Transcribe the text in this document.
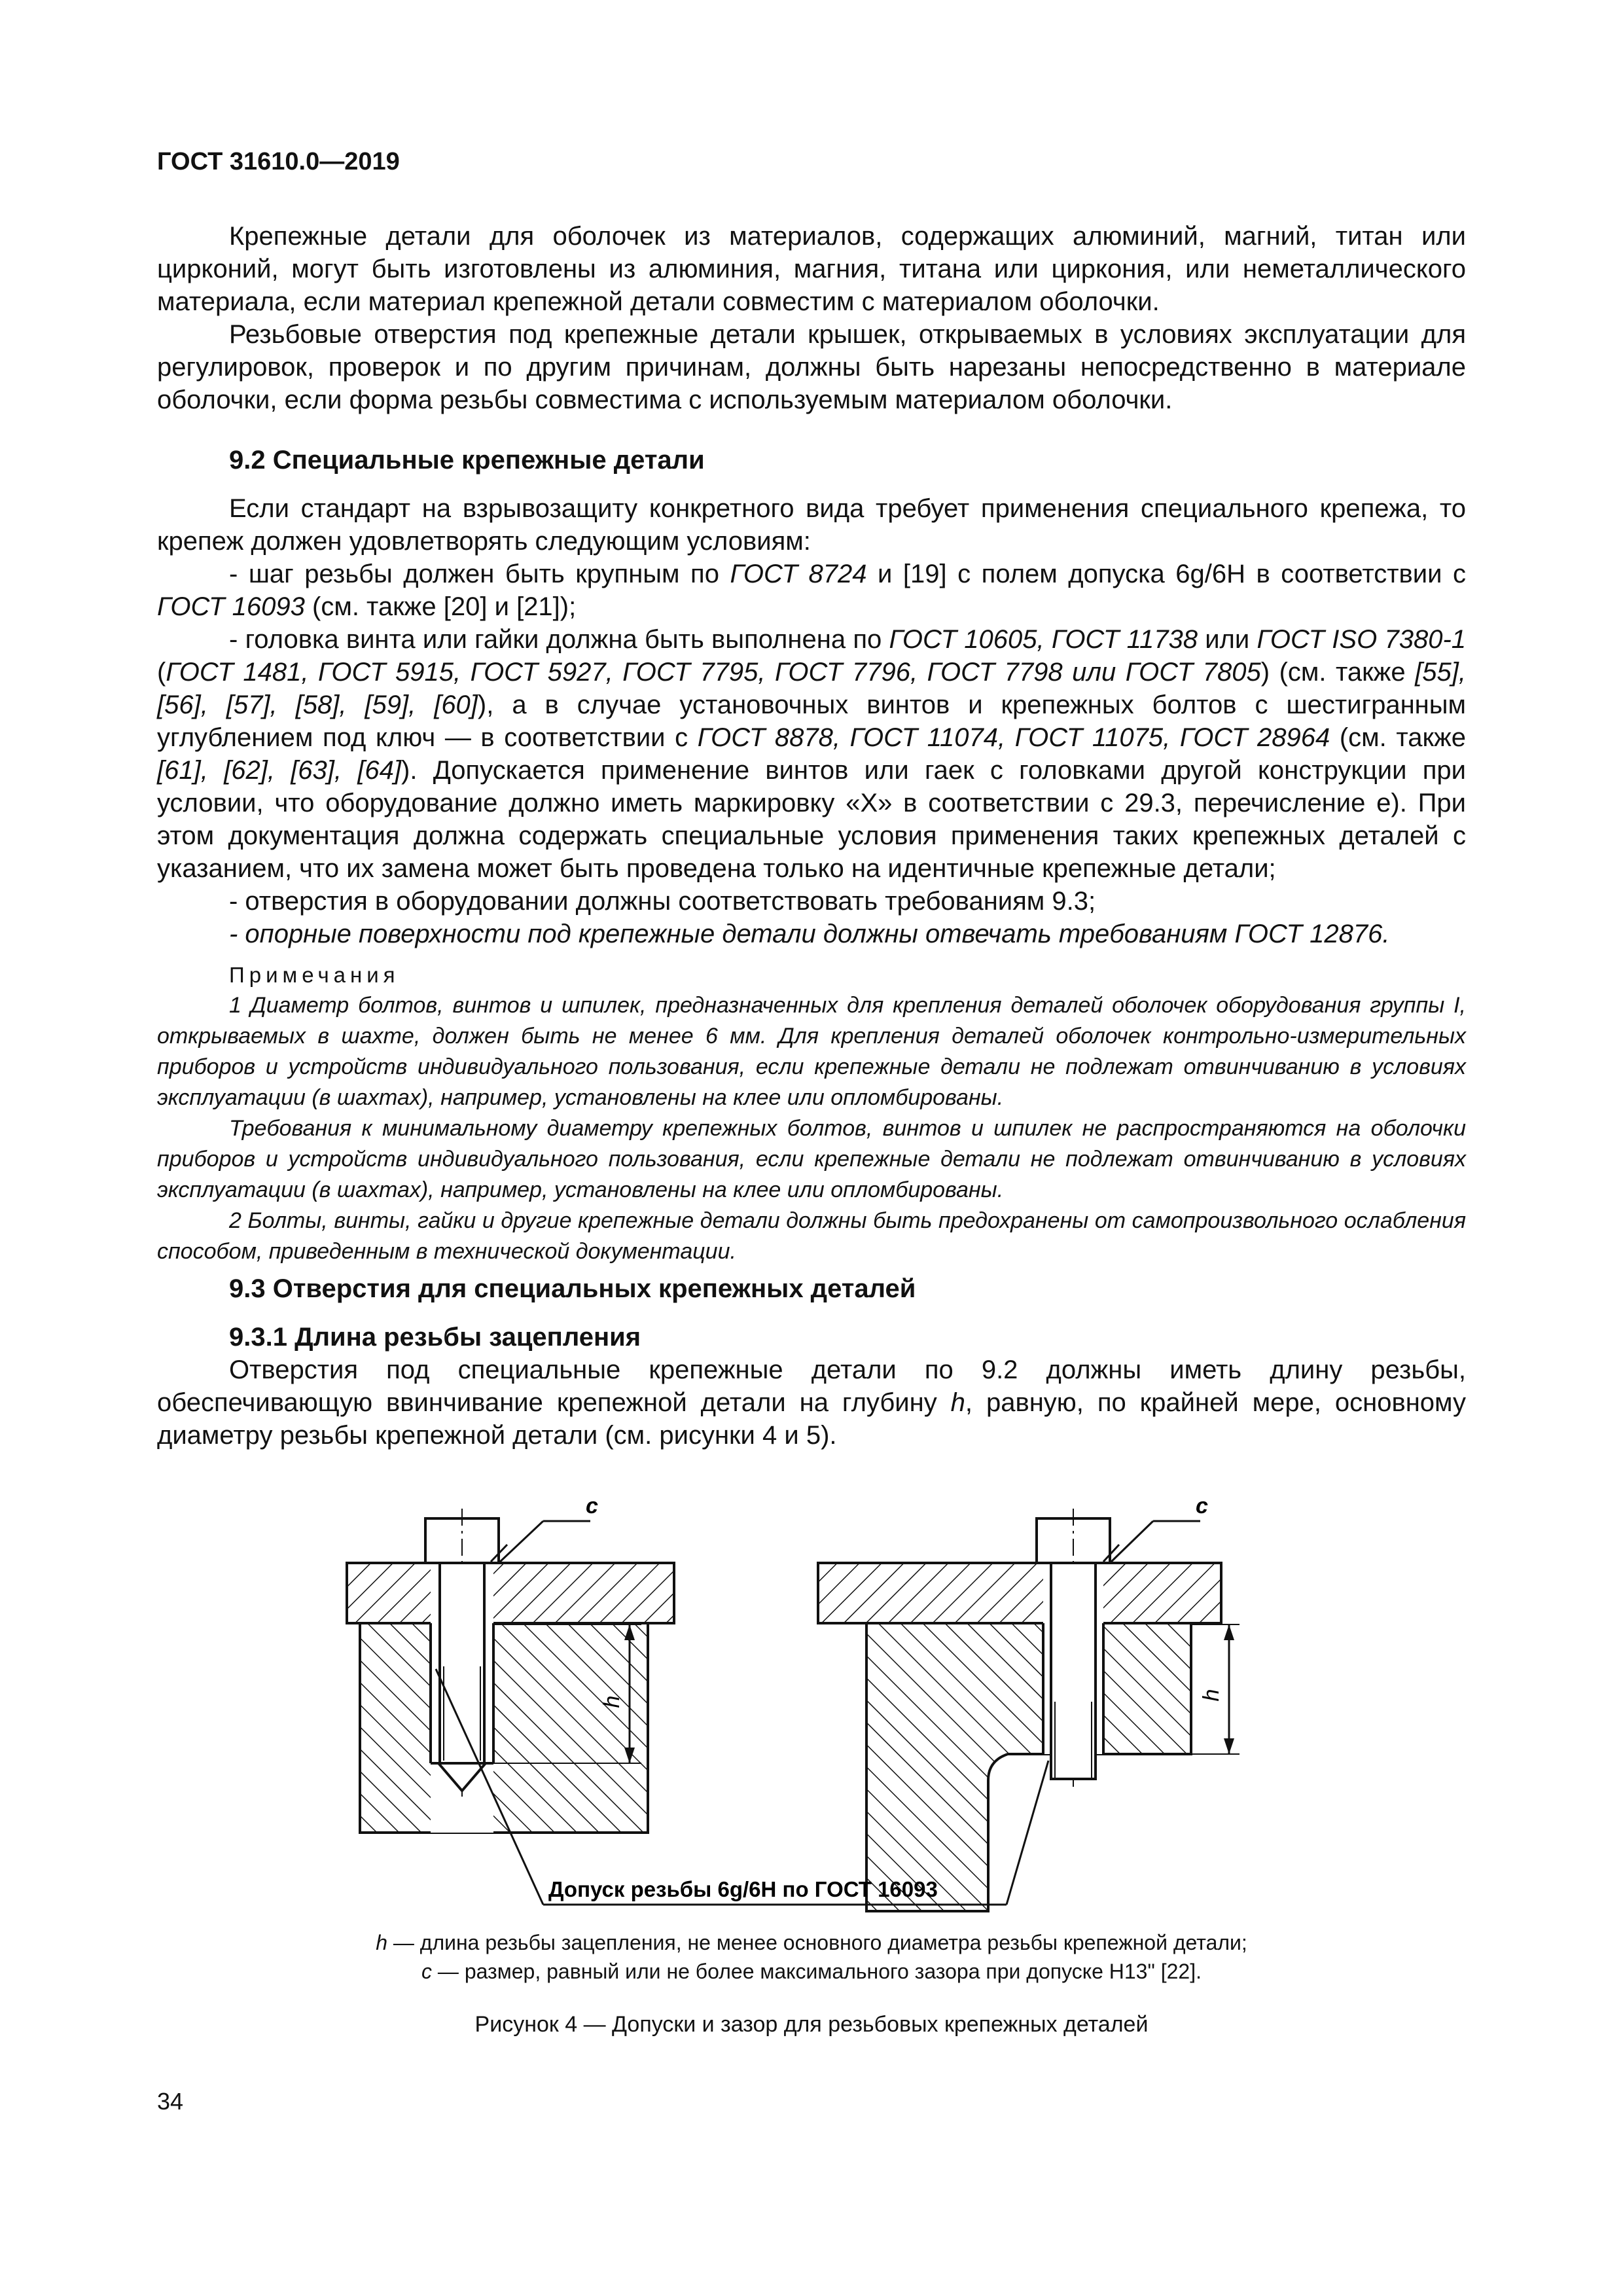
ГОСТ 31610.0—2019

Крепежные детали для оболочек из материалов, содержащих алюминий, магний, титан или цирконий, могут быть изготовлены из алюминия, магния, титана или циркония, или неметаллического материала, если материал крепежной детали совместим с материалом оболочки.

Резьбовые отверстия под крепежные детали крышек, открываемых в условиях эксплуатации для регулировок, проверок и по другим причинам, должны быть нарезаны непосредственно в материале оболочки, если форма резьбы совместима с используемым материалом оболочки.

9.2 Специальные крепежные детали

Если стандарт на взрывозащиту конкретного вида требует применения специального крепежа, то крепеж должен удовлетворять следующим условиям:

- шаг резьбы должен быть крупным по ГОСТ 8724 и [19] с полем допуска 6g/6H в соответствии с ГОСТ 16093 (см. также [20] и [21]);

- головка винта или гайки должна быть выполнена по ГОСТ 10605, ГОСТ 11738 или ГОСТ ISO 7380-1 (ГОСТ 1481, ГОСТ 5915, ГОСТ 5927, ГОСТ 7795, ГОСТ 7796, ГОСТ 7798 или ГОСТ 7805) (см. также [55], [56], [57], [58], [59], [60]), а в случае установочных винтов и крепежных болтов с шестигранным углублением под ключ — в соответствии с ГОСТ 8878, ГОСТ 11074, ГОСТ 11075, ГОСТ 28964 (см. также [61], [62], [63], [64]). Допускается применение винтов или гаек с головками другой конструкции при условии, что оборудование должно иметь маркировку «Х» в соответствии с 29.3, перечисление е). При этом документация должна содержать специальные условия применения таких крепежных деталей с указанием, что их замена может быть проведена только на идентичные крепежные детали;

- отверстия в оборудовании должны соответствовать требованиям 9.3;

- опорные поверхности под крепежные детали должны отвечать требованиям ГОСТ 12876.

Примечания

1 Диаметр болтов, винтов и шпилек, предназначенных для крепления деталей оболочек оборудования группы I, открываемых в шахте, должен быть не менее 6 мм. Для крепления деталей оболочек контрольно-измерительных приборов и устройств индивидуального пользования, если крепежные детали не подлежат отвинчиванию в условиях эксплуатации (в шахтах), например, установлены на клее или опломбированы.

Требования к минимальному диаметру крепежных болтов, винтов и шпилек не распространяются на оболочки приборов и устройств индивидуального пользования, если крепежные детали не подлежат отвинчиванию в условиях эксплуатации (в шахтах), например, установлены на клее или опломбированы.

2 Болты, винты, гайки и другие крепежные детали должны быть предохранены от самопроизвольного ослабления способом, приведенным в технической документации.

9.3 Отверстия для специальных крепежных деталей

9.3.1 Длина резьбы зацепления

Отверстия под специальные крепежные детали по 9.2 должны иметь длину резьбы, обеспечивающую ввинчивание крепежной детали на глубину h, равную, по крайней мере, основному диаметру резьбы крепежной детали (см. рисунки 4 и 5).

c
h
c
h
Допуск резьбы 6g/6H по ГОСТ 16093
h — длина резьбы зацепления, не менее основного диаметра резьбы крепежной детали;
c — размер, равный или не более максимального зазора при допуске H13" [22].
Рисунок 4 — Допуски и зазор для резьбовых крепежных деталей
34
